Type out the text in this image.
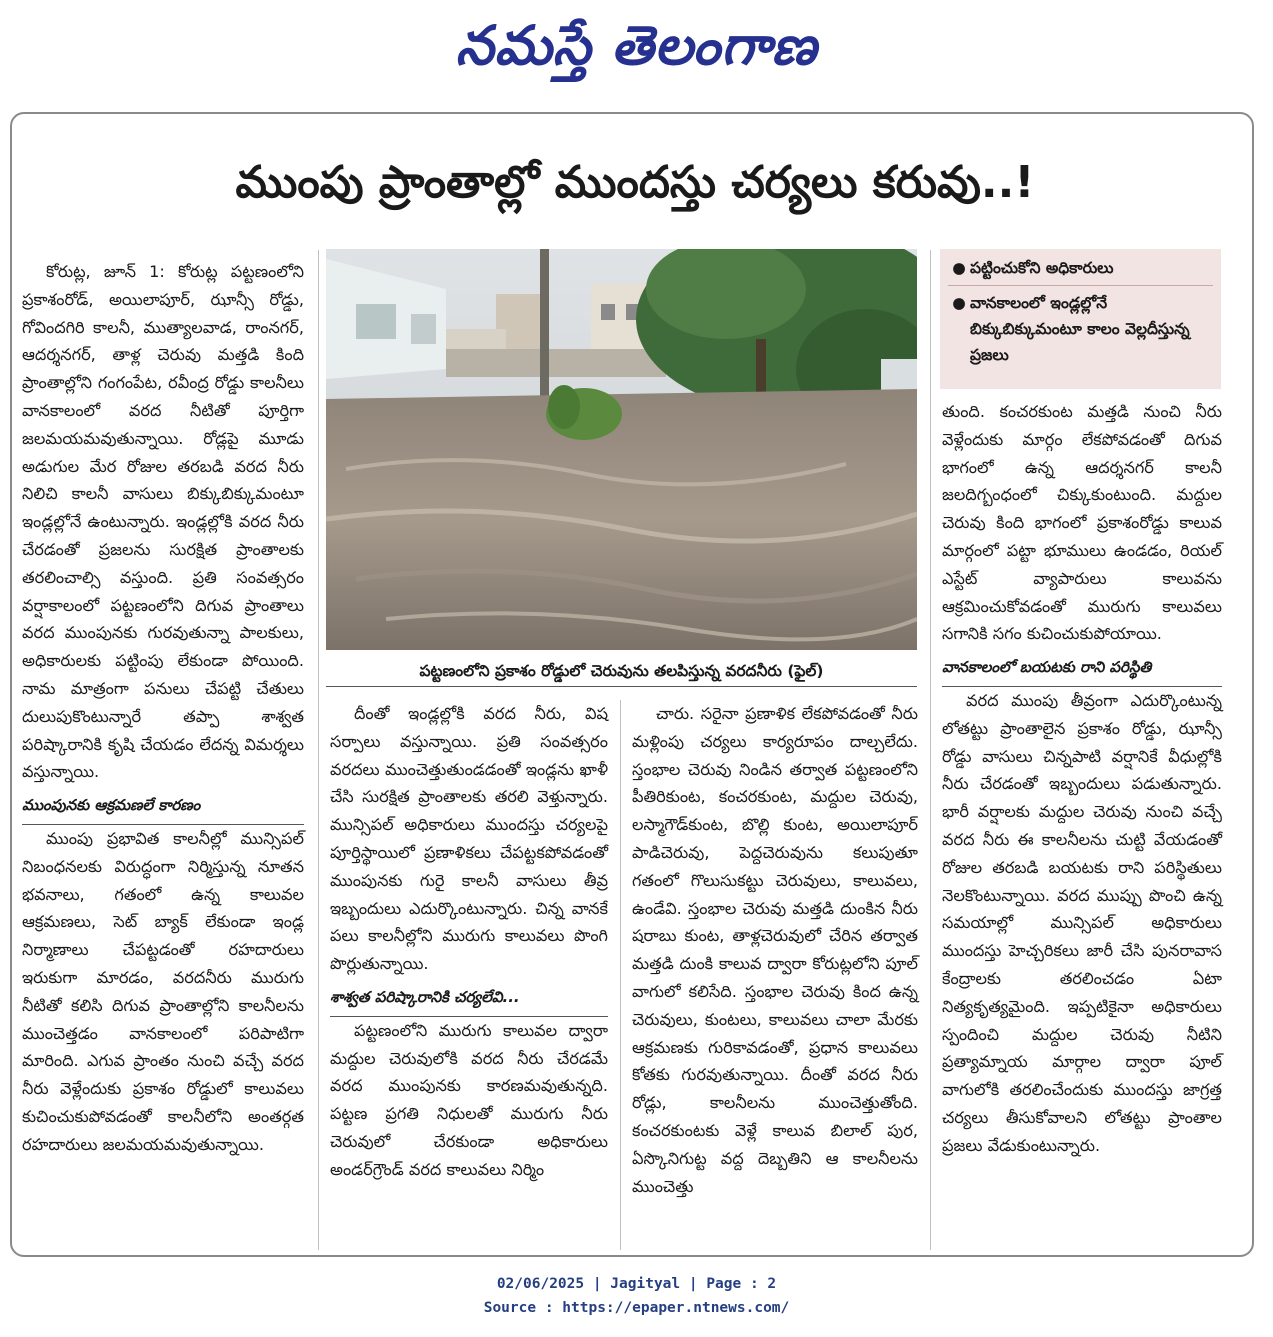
నమస్తే తెలంగాణ
ముంపు ప్రాంతాల్లో ముందస్తు చర్యలు కరువు..!

కోరుట్ల, జూన్ 1: కోరుట్ల పట్టణంలోని ప్రకాశంరోడ్, అయిలాపూర్, ఝాన్సీ రోడ్డు, గోవిందగిరి కాలనీ, ముత్యాలవాడ, రాంనగర్, ఆదర్శనగర్, తాళ్ల చెరువు మత్తడి కింది ప్రాంతాల్లోని గంగంపేట, రవీంద్ర రోడ్డు కాలనీలు వానకాలంలో వరద నీటితో పూర్తిగా జలమయమవుతున్నాయి. రోడ్లపై మూడు అడుగుల మేర రోజుల తరబడి వరద నీరు నిలిచి కాలనీ వాసులు బిక్కుబిక్కుమంటూ ఇండ్లల్లోనే ఉంటున్నారు. ఇండ్లల్లోకి వరద నీరు చేరడంతో ప్రజలను సురక్షిత ప్రాంతాలకు తరలించాల్సి వస్తుంది. ప్రతి సంవత్సరం వర్షాకాలంలో పట్టణంలోని దిగువ ప్రాంతాలు వరద ముంపునకు గురవుతున్నా పాలకులు, అధికారులకు పట్టింపు లేకుండా పోయింది. నామ మాత్రంగా పనులు చేపట్టి చేతులు దులుపుకొంటున్నారే తప్పా శాశ్వత పరిష్కారానికి కృషి చేయడం లేదన్న విమర్శలు వస్తున్నాయి.

ముంపునకు ఆక్రమణలే కారణం

ముంపు ప్రభావిత కాలనీల్లో మున్సిపల్ నిబంధనలకు విరుద్ధంగా నిర్మిస్తున్న నూతన భవనాలు, గతంలో ఉన్న కాలువల ఆక్రమణలు, సెట్ బ్యాక్ లేకుండా ఇండ్ల నిర్మాణాలు చేపట్టడంతో రహదారులు ఇరుకుగా మారడం, వరదనీరు మురుగు నీటితో కలిసి దిగువ ప్రాంతాల్లోని కాలనీలను ముంచెత్తడం వానకాలంలో పరిపాటిగా మారింది. ఎగువ ప్రాంతం నుంచి వచ్చే వరద నీరు వెళ్లేందుకు ప్రకాశం రోడ్డులో కాలువలు కుచించుకుపోవడంతో కాలనీలోని అంతర్గత రహదారులు జలమయమవుతున్నాయి.

పట్టణంలోని ప్రకాశం రోడ్డులో చెరువును తలపిస్తున్న వరదనీరు (ఫైల్)
● పట్టించుకోని అధికారులు
● వానకాలంలో ఇండ్లల్లోనే బిక్కుబిక్కుమంటూ కాలం వెల్లదీస్తున్న ప్రజలు

దీంతో ఇండ్లల్లోకి వరద నీరు, విష సర్పాలు వస్తున్నాయి. ప్రతి సంవత్సరం వరదలు ముంచెత్తుతుండడంతో ఇండ్లను ఖాళీ చేసి సురక్షిత ప్రాంతాలకు తరలి వెళ్తున్నారు. మున్సిపల్ అధికారులు ముందస్తు చర్యలపై పూర్తిస్థాయిలో ప్రణాళికలు చేపట్టకపోవడంతో ముంపునకు గురై కాలనీ వాసులు తీవ్ర ఇబ్బందులు ఎదుర్కొంటున్నారు. చిన్న వానకే పలు కాలనీల్లోని మురుగు కాలువలు పొంగి పొర్లుతున్నాయి.

శాశ్వత పరిష్కారానికి చర్యలేవి...

పట్టణంలోని మురుగు కాలువల ద్వారా మద్దుల చెరువులోకి వరద నీరు చేరడమే వరద ముంపునకు కారణమవుతున్నది. పట్టణ ప్రగతి నిధులతో మురుగు నీరు చెరువులో చేరకుండా అధికారులు అండర్‌గ్రౌండ్ వరద కాలువలు నిర్మిం

చారు. సరైనా ప్రణాళిక లేకపోవడంతో నీరు మళ్లింపు చర్యలు కార్యరూపం దాల్చలేదు. స్తంభాల చెరువు నిండిన తర్వాత పట్టణంలోని పీతిరికుంట, కంచరకుంట, మద్దుల చెరువు, లస్మాగౌడ్‌కుంట, బొల్లి కుంట, అయిలాపూర్ పాడిచెరువు, పెద్దచెరువును కలుపుతూ గతంలో గొలుసుకట్టు చెరువులు, కాలువలు, ఉండేవి. స్తంభాల చెరువు మత్తడి దుంకిన నీరు షరాబు కుంట, తాళ్లచెరువులో చేరిన తర్వాత మత్తడి దుంకి కాలువ ద్వారా కోరుట్లలోని పూల్ వాగులో కలిసేది. స్తంభాల చెరువు కింద ఉన్న చెరువులు, కుంటలు, కాలువలు చాలా మేరకు ఆక్రమణకు గురికావడంతో, ప్రధాన కాలువలు కోతకు గురవుతున్నాయి. దీంతో వరద నీరు రోడ్లు, కాలనీలను ముంచెత్తుతోంది. కంచరకుంటకు వెళ్లే కాలువ బిలాల్ పుర, ఏస్కొనిగుట్ట వద్ద దెబ్బతిని ఆ కాలనీలను ముంచెత్తు

తుంది. కంచరకుంట మత్తడి నుంచి నీరు వెళ్లేందుకు మార్గం లేకపోవడంతో దిగువ భాగంలో ఉన్న ఆదర్శనగర్ కాలనీ జలదిగ్బంధంలో చిక్కుకుంటుంది. మద్దుల చెరువు కింది భాగంలో ప్రకాశంరోడ్డు కాలువ మార్గంలో పట్టా భూములు ఉండడం, రియల్ ఎస్టేట్ వ్యాపారులు కాలువను ఆక్రమించుకోవడంతో మురుగు కాలువలు సగానికి సగం కుచించుకుపోయాయి.

వానకాలంలో బయటకు రాని పరిస్థితి

వరద ముంపు తీవ్రంగా ఎదుర్కొంటున్న లోతట్టు ప్రాంతాలైన ప్రకాశం రోడ్డు, ఝాన్సీ రోడ్డు వాసులు చిన్నపాటి వర్షానికే వీధుల్లోకి నీరు చేరడంతో ఇబ్బందులు పడుతున్నారు. భారీ వర్షాలకు మద్దుల చెరువు నుంచి వచ్చే వరద నీరు ఈ కాలనీలను చుట్టి వేయడంతో రోజుల తరబడి బయటకు రాని పరిస్థితులు నెలకొంటున్నాయి. వరద ముప్పు పొంచి ఉన్న సమయాల్లో మున్సిపల్ అధికారులు ముందస్తు హెచ్చరికలు జారీ చేసి పునరావాస కేంద్రాలకు తరలించడం ఏటా నిత్యకృత్యమైంది. ఇప్పటికైనా అధికారులు స్పందించి మద్దుల చెరువు నీటిని ప్రత్యామ్నాయ మార్గాల ద్వారా పూల్ వాగులోకి తరలించేందుకు ముందస్తు జాగ్రత్త చర్యలు తీసుకోవాలని లోతట్టు ప్రాంతాల ప్రజలు వేడుకుంటున్నారు.

02/06/2025 | Jagityal | Page : 2
Source : https://epaper.ntnews.com/
